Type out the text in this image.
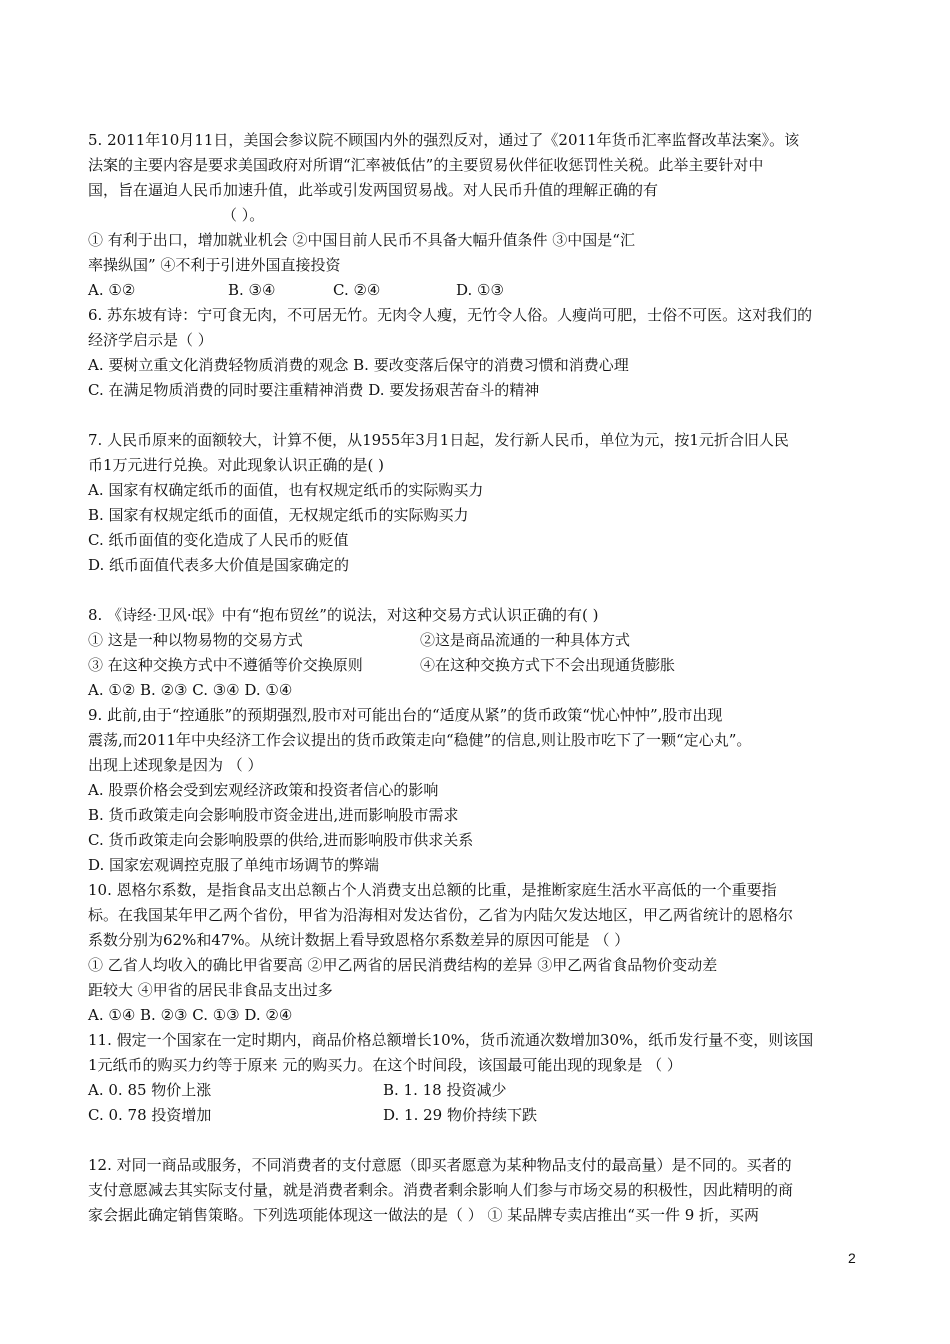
5. 2011年10月11日，美国会参议院不顾国内外的强烈反对，通过了《2011年货币汇率监督改革法案》。该
法案的主要内容是要求美国政府对所谓“汇率被低估”的主要贸易伙伴征收惩罚性关税。此举主要针对中
国，旨在逼迫人民币加速升值，此举或引发两国贸易战。对人民币升值的理解正确的有
（ ）。
① 有利于出口，增加就业机会 ②中国目前人民币不具备大幅升值条件 ③中国是“汇
率操纵国” ④不利于引进外国直接投资
A. ①②	B. ③④	C. ②④	D. ①③
6. 苏东坡有诗：宁可食无肉，不可居无竹。无肉令人瘦，无竹令人俗。人瘦尚可肥，士俗不可医。这对我们的
经济学启示是（ ）
A. 要树立重文化消费轻物质消费的观念 B. 要改变落后保守的消费习惯和消费心理
C. 在满足物质消费的同时要注重精神消费 D. 要发扬艰苦奋斗的精神
7. 人民币原来的面额较大，计算不便，从1955年3月1日起，发行新人民币，单位为元，按1元折合旧人民
币1万元进行兑换。对此现象认识正确的是( )
A. 国家有权确定纸币的面值，也有权规定纸币的实际购买力
B. 国家有权规定纸币的面值，无权规定纸币的实际购买力
C. 纸币面值的变化造成了人民币的贬值
D. 纸币面值代表多大价值是国家确定的
8. 《诗经·卫风·氓》中有“抱布贸丝”的说法，对这种交易方式认识正确的有( )
① 这是一种以物易物的交易方式	②这是商品流通的一种具体方式
③ 在这种交换方式中不遵循等价交换原则	④在这种交换方式下不会出现通货膨胀
A. ①② B. ②③ C. ③④ D. ①④
9. 此前,由于“控通胀”的预期强烈,股市对可能出台的“适度从紧”的货币政策“忧心忡忡”,股市出现
震荡,而2011年中央经济工作会议提出的货币政策走向“稳健”的信息,则让股市吃下了一颗“定心丸”。
出现上述现象是因为 （ ）
A. 股票价格会受到宏观经济政策和投资者信心的影响
B. 货币政策走向会影响股市资金进出,进而影响股市需求
C. 货币政策走向会影响股票的供给,进而影响股市供求关系
D. 国家宏观调控克服了单纯市场调节的弊端
10. 恩格尔系数，是指食品支出总额占个人消费支出总额的比重，是推断家庭生活水平高低的一个重要指
标。在我国某年甲乙两个省份，甲省为沿海相对发达省份，乙省为内陆欠发达地区，甲乙两省统计的恩格尔
系数分别为62%和47%。从统计数据上看导致恩格尔系数差异的原因可能是 （ ）
① 乙省人均收入的确比甲省要高 ②甲乙两省的居民消费结构的差异 ③甲乙两省食品物价变动差
距较大 ④甲省的居民非食品支出过多
A. ①④ B. ②③ C. ①③ D. ②④
11. 假定一个国家在一定时期内，商品价格总额增长10%，货币流通次数增加30%，纸币发行量不变，则该国
1元纸币的购买力约等于原来 元的购买力。在这个时间段，该国最可能出现的现象是 （ ）
A. 0. 85 物价上涨	B. 1. 18 投资减少
C. 0. 78 投资增加	D. 1. 29 物价持续下跌
12. 对同一商品或服务，不同消费者的支付意愿（即买者愿意为某种物品支付的最高量）是不同的。买者的
支付意愿减去其实际支付量，就是消费者剩余。消费者剩余影响人们参与市场交易的积极性，因此精明的商
家会据此确定销售策略。下列选项能体现这一做法的是（ ） ① 某品牌专卖店推出“买一件 9 折，买两
2
